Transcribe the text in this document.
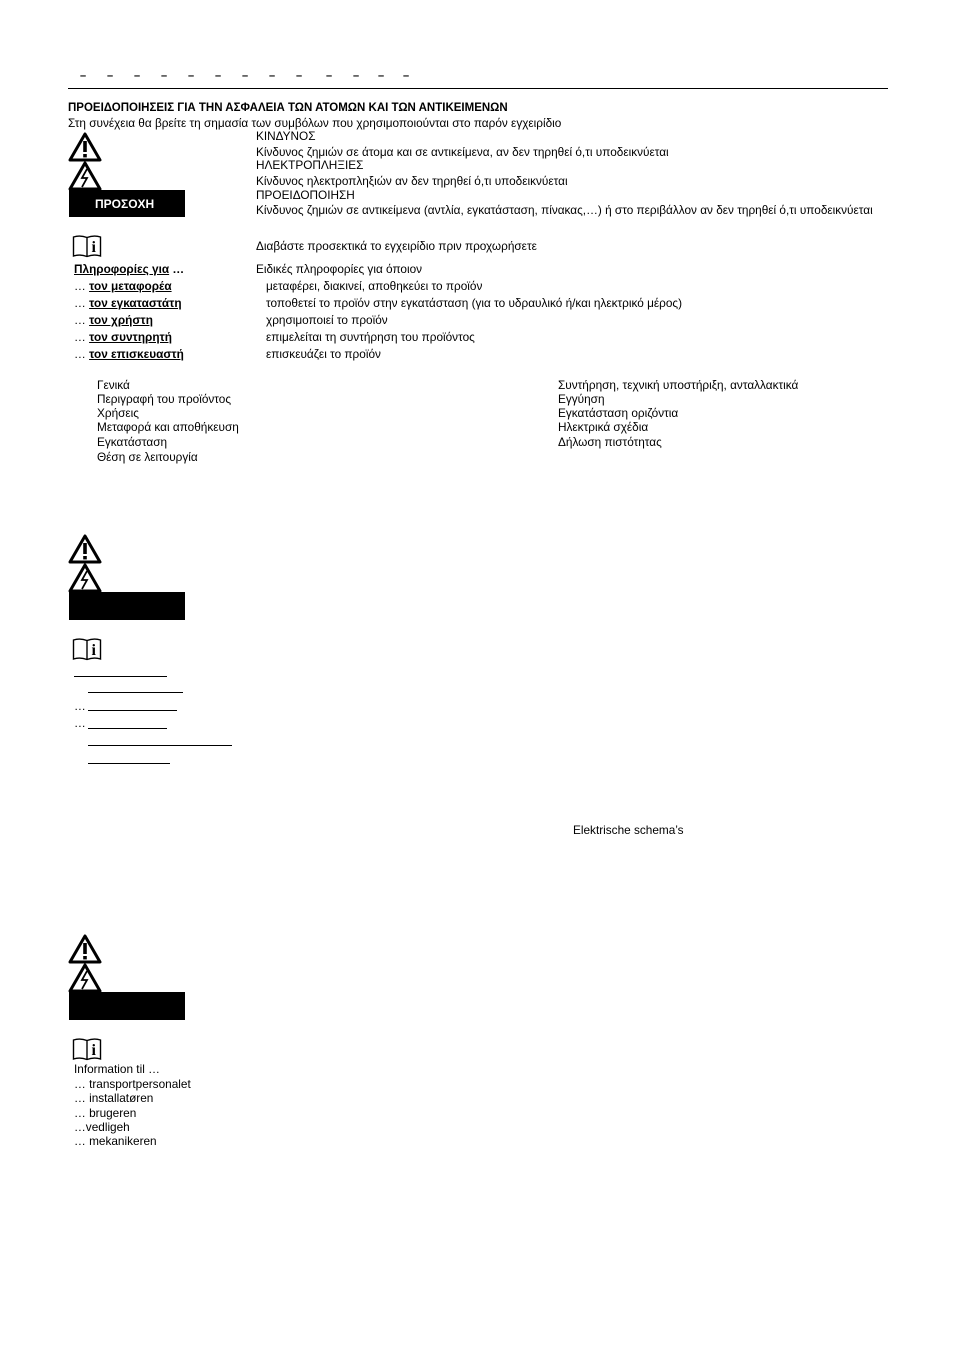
– – – – – – – – – – – – –
ΠΡΟΕΙΔΟΠΟΙΗΣΕΙΣ ΓΙΑ ΤΗΝ ΑΣΦΑΛΕΙΑ ΤΩΝ ΑΤΟΜΩΝ ΚΑΙ ΤΩΝ ΑΝΤΙΚΕΙΜΕΝΩΝ
Στη συνέχεια θα βρείτε τη σημασία των συμβόλων που χρησιμοποιούνται στο παρόν εγχειρίδιο
ΚΙΝΔΥΝΟΣ
Κίνδυνος ζημιών σε άτομα και σε αντικείμενα, αν δεν τηρηθεί ό,τι υποδεικνύεται
ΗΛΕΚΤΡΟΠΛΗΞΙΕΣ
Κίνδυνος ηλεκτροπληξιών αν δεν τηρηθεί ό,τι υποδεικνύεται
ΠΡΟΣΟΧΗ
ΠΡΟΕΙΔΟΠΟΙΗΣΗ
Κίνδυνος ζημιών σε αντικείμενα (αντλία, εγκατάσταση, πίνακας,…) ή στο περιβάλλον αν δεν τηρηθεί ό,τι υποδεικνύεται
i	Διαβάστε προσεκτικά το εγχειρίδιο πριν προχωρήσετε
Πληροφορίες για …	Ειδικές πληροφορίες για όποιον
… τον μεταφορέα	μεταφέρει, διακινεί, αποθηκεύει το προϊόν
… τον εγκαταστάτη	τοποθετεί το προϊόν στην εγκατάσταση (για το υδραυλικό ή/και ηλεκτρικό μέρος)
… τον χρήστη	χρησιμοποιεί το προϊόν
… τον συντηρητή	επιμελείται τη συντήρηση του προϊόντος
… τον επισκευαστή	επισκευάζει το προϊόν
Γενικά
Περιγραφή του προϊόντος
Χρήσεις
Μεταφορά και αποθήκευση
Εγκατάσταση
Θέση σε λειτουργία
Συντήρηση, τεχνική υποστήριξη, ανταλλακτικά
Εγγύηση
Εγκατάσταση οριζόντια
Ηλεκτρικά σχέδια
Δήλωση πιστότητας
i
…
…
Elektrische schema’s
i
Information til …
… transportpersonalet
… installatøren
… brugeren
…vedligeh
… mekanikeren
